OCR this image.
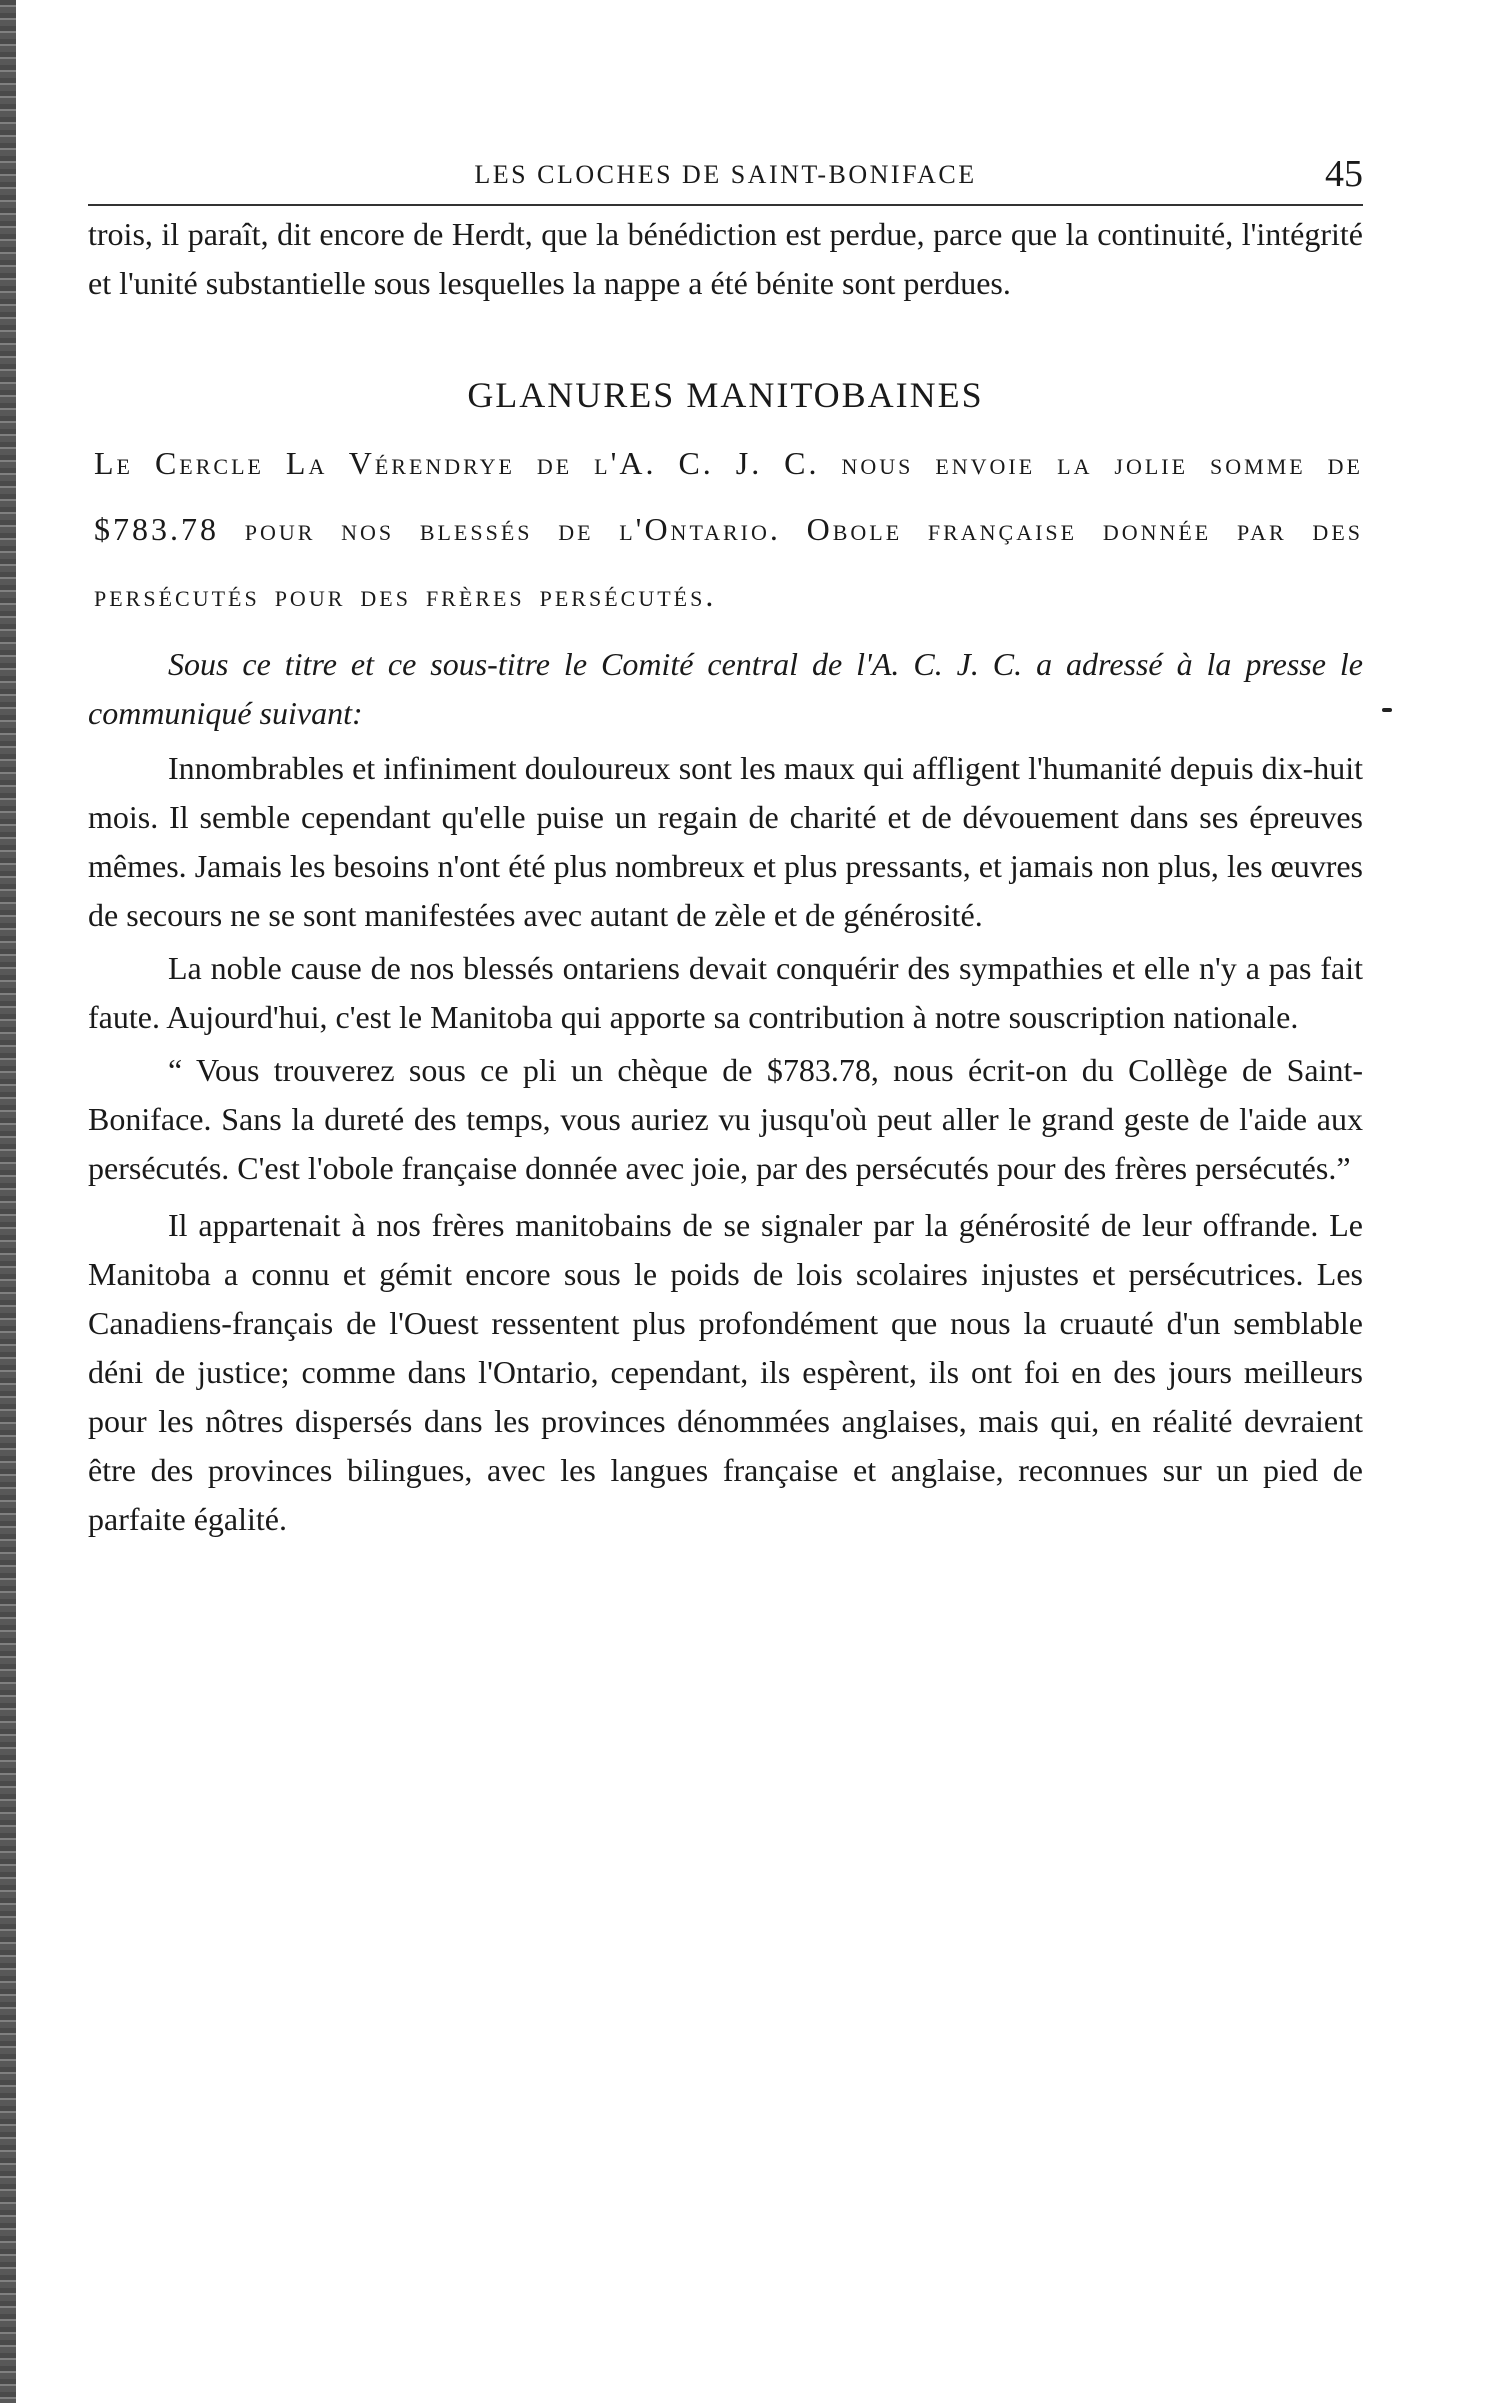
LES CLOCHES DE SAINT-BONIFACE	45

trois, il paraît, dit encore de Herdt, que la bénédiction est perdue, parce que la continuité, l'intégrité et l'unité substantielle sous lesquelles la nappe a été bénite sont perdues.

GLANURES MANITOBAINES

Le Cercle La Vérendrye de l'A. C. J. C. nous envoie la jolie somme de $783.78 pour nos blessés de l'Ontario. Obole française donnée par des persécutés pour des frères persécutés.

Sous ce titre et ce sous-titre le Comité central de l'A. C. J. C. a adressé à la presse le communiqué suivant:

Innombrables et infiniment douloureux sont les maux qui affligent l'humanité depuis dix-huit mois. Il semble cependant qu'elle puise un regain de charité et de dévouement dans ses épreuves mêmes. Jamais les besoins n'ont été plus nombreux et plus pressants, et jamais non plus, les œuvres de secours ne se sont manifestées avec autant de zèle et de générosité.

La noble cause de nos blessés ontariens devait conquérir des sympathies et elle n'y a pas fait faute. Aujourd'hui, c'est le Manitoba qui apporte sa contribution à notre souscription nationale.

“ Vous trouverez sous ce pli un chèque de $783.78, nous écrit-on du Collège de Saint-Boniface. Sans la dureté des temps, vous auriez vu jusqu'où peut aller le grand geste de l'aide aux persécutés. C'est l'obole française donnée avec joie, par des persécutés pour des frères persécutés.”

Il appartenait à nos frères manitobains de se signaler par la générosité de leur offrande. Le Manitoba a connu et gémit encore sous le poids de lois scolaires injustes et persécutrices. Les Canadiens-français de l'Ouest ressentent plus profondément que nous la cruauté d'un semblable déni de justice; comme dans l'Ontario, cependant, ils espèrent, ils ont foi en des jours meilleurs pour les nôtres dispersés dans les provinces dénommées anglaises, mais qui, en réalité devraient être des provinces bilingues, avec les langues française et anglaise, reconnues sur un pied de parfaite égalité.
